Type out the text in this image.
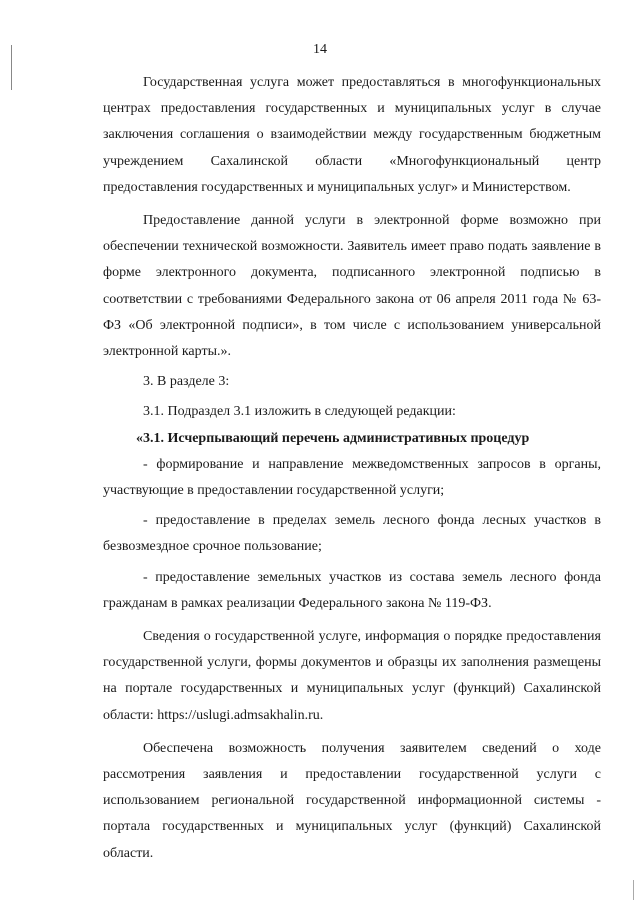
14

Государственная услуга может предоставляться в многофункциональных центрах предоставления государственных и муниципальных услуг в случае заключения соглашения о взаимодействии между государственным бюджетным учреждением Сахалинской области «Многофункциональный центр предоставления государственных и муниципальных услуг» и Министерством.

Предоставление данной услуги в электронной форме возможно при обеспечении технической возможности. Заявитель имеет право подать заявление в форме электронного документа, подписанного электронной подписью в соответствии с требованиями Федерального закона от 06 апреля 2011 года № 63-ФЗ «Об электронной подписи», в том числе с использованием универсальной электронной карты.».

3. В разделе 3:

3.1. Подраздел 3.1 изложить в следующей редакции:

«3.1. Исчерпывающий перечень административных процедур

- формирование и направление межведомственных запросов в органы, участвующие в предоставлении государственной услуги;

- предоставление в пределах земель лесного фонда лесных участков в безвозмездное срочное пользование;

- предоставление земельных участков из состава земель лесного фонда гражданам в рамках реализации Федерального закона № 119-ФЗ.

Сведения о государственной услуге, информация о порядке предоставления государственной услуги, формы документов и образцы их заполнения размещены на портале государственных и муниципальных услуг (функций) Сахалинской области: https://uslugi.admsakhalin.ru.

Обеспечена возможность получения заявителем сведений о ходе рассмотрения заявления и предоставлении государственной услуги с использованием региональной государственной информационной системы - портала государственных и муниципальных услуг (функций) Сахалинской области.
